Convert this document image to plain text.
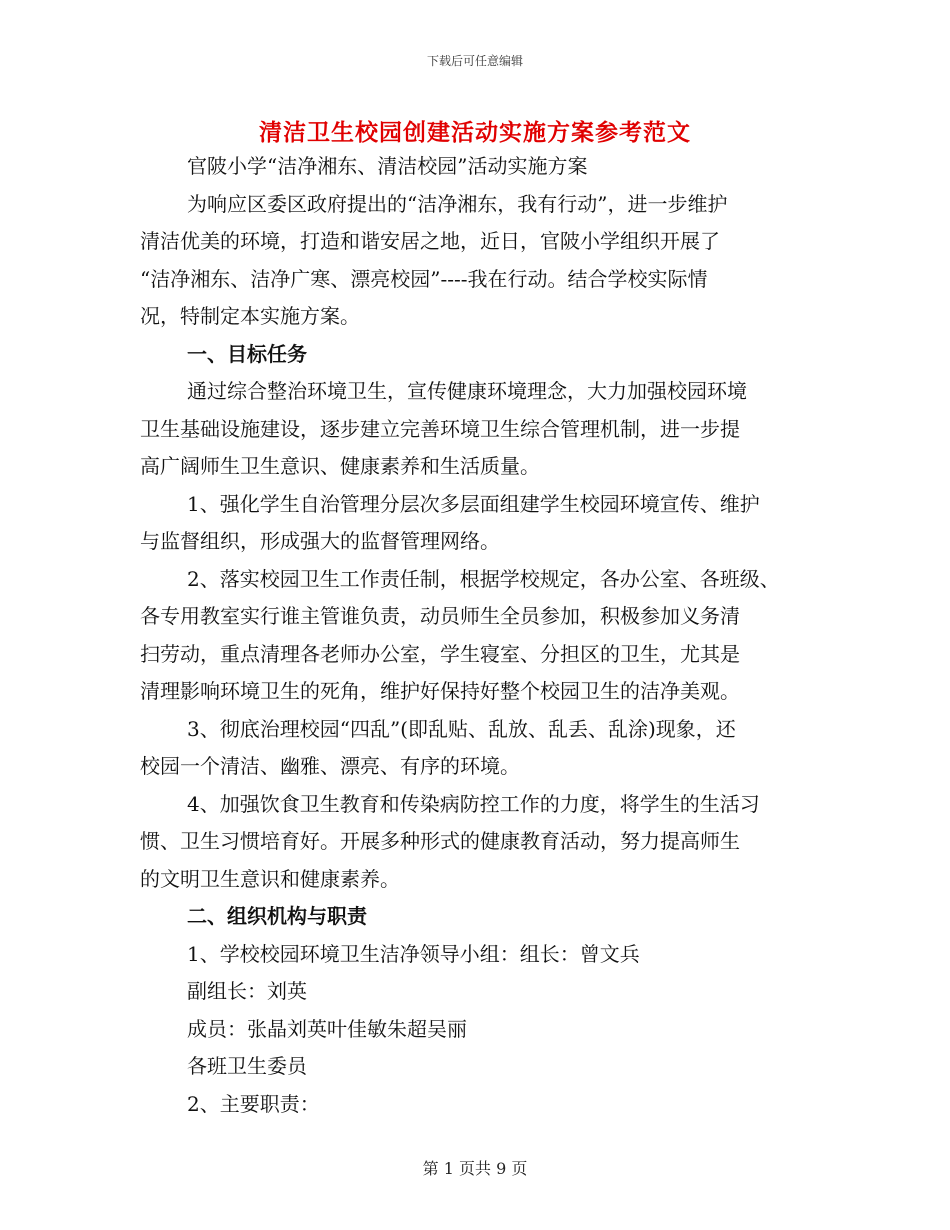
下载后可任意编辑
清洁卫生校园创建活动实施方案参考范文
官陂小学“洁净湘东、清洁校园”活动实施方案
为响应区委区政府提出的“洁净湘东，我有行动”，进一步维护
清洁优美的环境，打造和谐安居之地，近日，官陂小学组织开展了
“洁净湘东、洁净广寒、漂亮校园”----我在行动。结合学校实际情
况，特制定本实施方案。
一、目标任务
通过综合整治环境卫生，宣传健康环境理念，大力加强校园环境
卫生基础设施建设，逐步建立完善环境卫生综合管理机制，进一步提
高广阔师生卫生意识、健康素养和生活质量。
1、强化学生自治管理分层次多层面组建学生校园环境宣传、维护
与监督组织，形成强大的监督管理网络。
2、落实校园卫生工作责任制，根据学校规定，各办公室、各班级、
各专用教室实行谁主管谁负责，动员师生全员参加，积极参加义务清
扫劳动，重点清理各老师办公室，学生寝室、分担区的卫生，尤其是
清理影响环境卫生的死角，维护好保持好整个校园卫生的洁净美观。
3、彻底治理校园“四乱”(即乱贴、乱放、乱丢、乱涂)现象，还
校园一个清洁、幽雅、漂亮、有序的环境。
4、加强饮食卫生教育和传染病防控工作的力度，将学生的生活习
惯、卫生习惯培育好。开展多种形式的健康教育活动，努力提高师生
的文明卫生意识和健康素养。
二、组织机构与职责
1、学校校园环境卫生洁净领导小组：组长：曾文兵
副组长：刘英
成员：张晶刘英叶佳敏朱超吴丽
各班卫生委员
2、主要职责：
第 1 页共 9 页
